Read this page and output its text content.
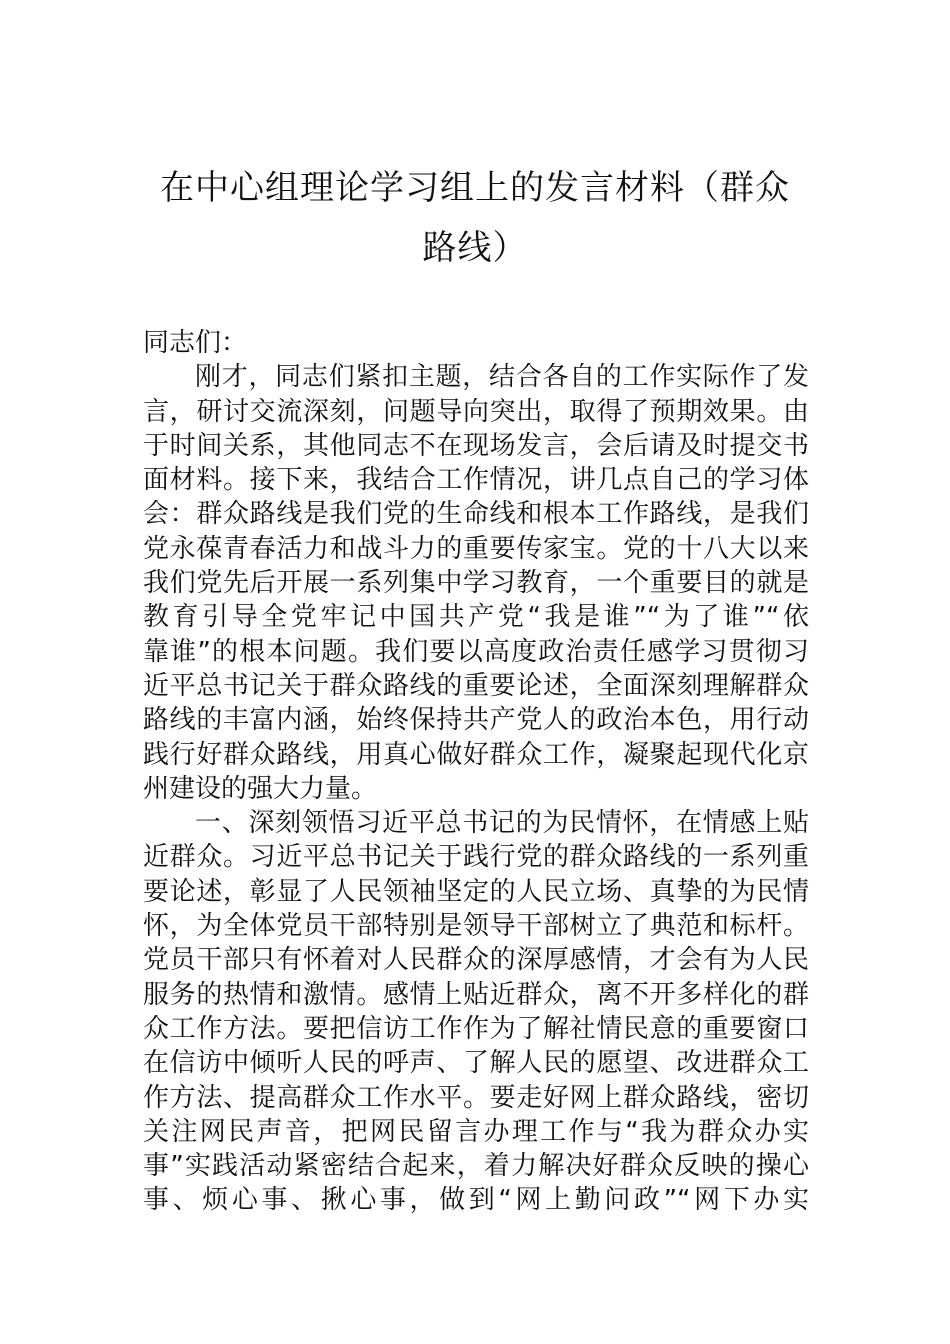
在中心组理论学习组上的发言材料（群众
路线）
同志们：
刚才，同志们紧扣主题，结合各自的工作实际作了发
言，研讨交流深刻，问题导向突出，取得了预期效果。由
于时间关系，其他同志不在现场发言，会后请及时提交书
面材料。接下来，我结合工作情况，讲几点自己的学习体
会：群众路线是我们党的生命线和根本工作路线，是我们
党永葆青春活力和战斗力的重要传家宝。党的十八大以来
我们党先后开展一系列集中学习教育，一个重要目的就是
教育引导全党牢记中国共产党“我是谁”“为了谁”“依
靠谁”的根本问题。我们要以高度政治责任感学习贯彻习
近平总书记关于群众路线的重要论述，全面深刻理解群众
路线的丰富内涵，始终保持共产党人的政治本色，用行动
践行好群众路线，用真心做好群众工作，凝聚起现代化京
州建设的强大力量。
一、深刻领悟习近平总书记的为民情怀，在情感上贴
近群众。习近平总书记关于践行党的群众路线的一系列重
要论述，彰显了人民领袖坚定的人民立场、真挚的为民情
怀，为全体党员干部特别是领导干部树立了典范和标杆。
党员干部只有怀着对人民群众的深厚感情，才会有为人民
服务的热情和激情。感情上贴近群众，离不开多样化的群
众工作方法。要把信访工作作为了解社情民意的重要窗口
在信访中倾听人民的呼声、了解人民的愿望、改进群众工
作方法、提高群众工作水平。要走好网上群众路线，密切
关注网民声音，把网民留言办理工作与“我为群众办实
事”实践活动紧密结合起来，着力解决好群众反映的操心
事、烦心事、揪心事，做到“网上勤问政”“网下办实
